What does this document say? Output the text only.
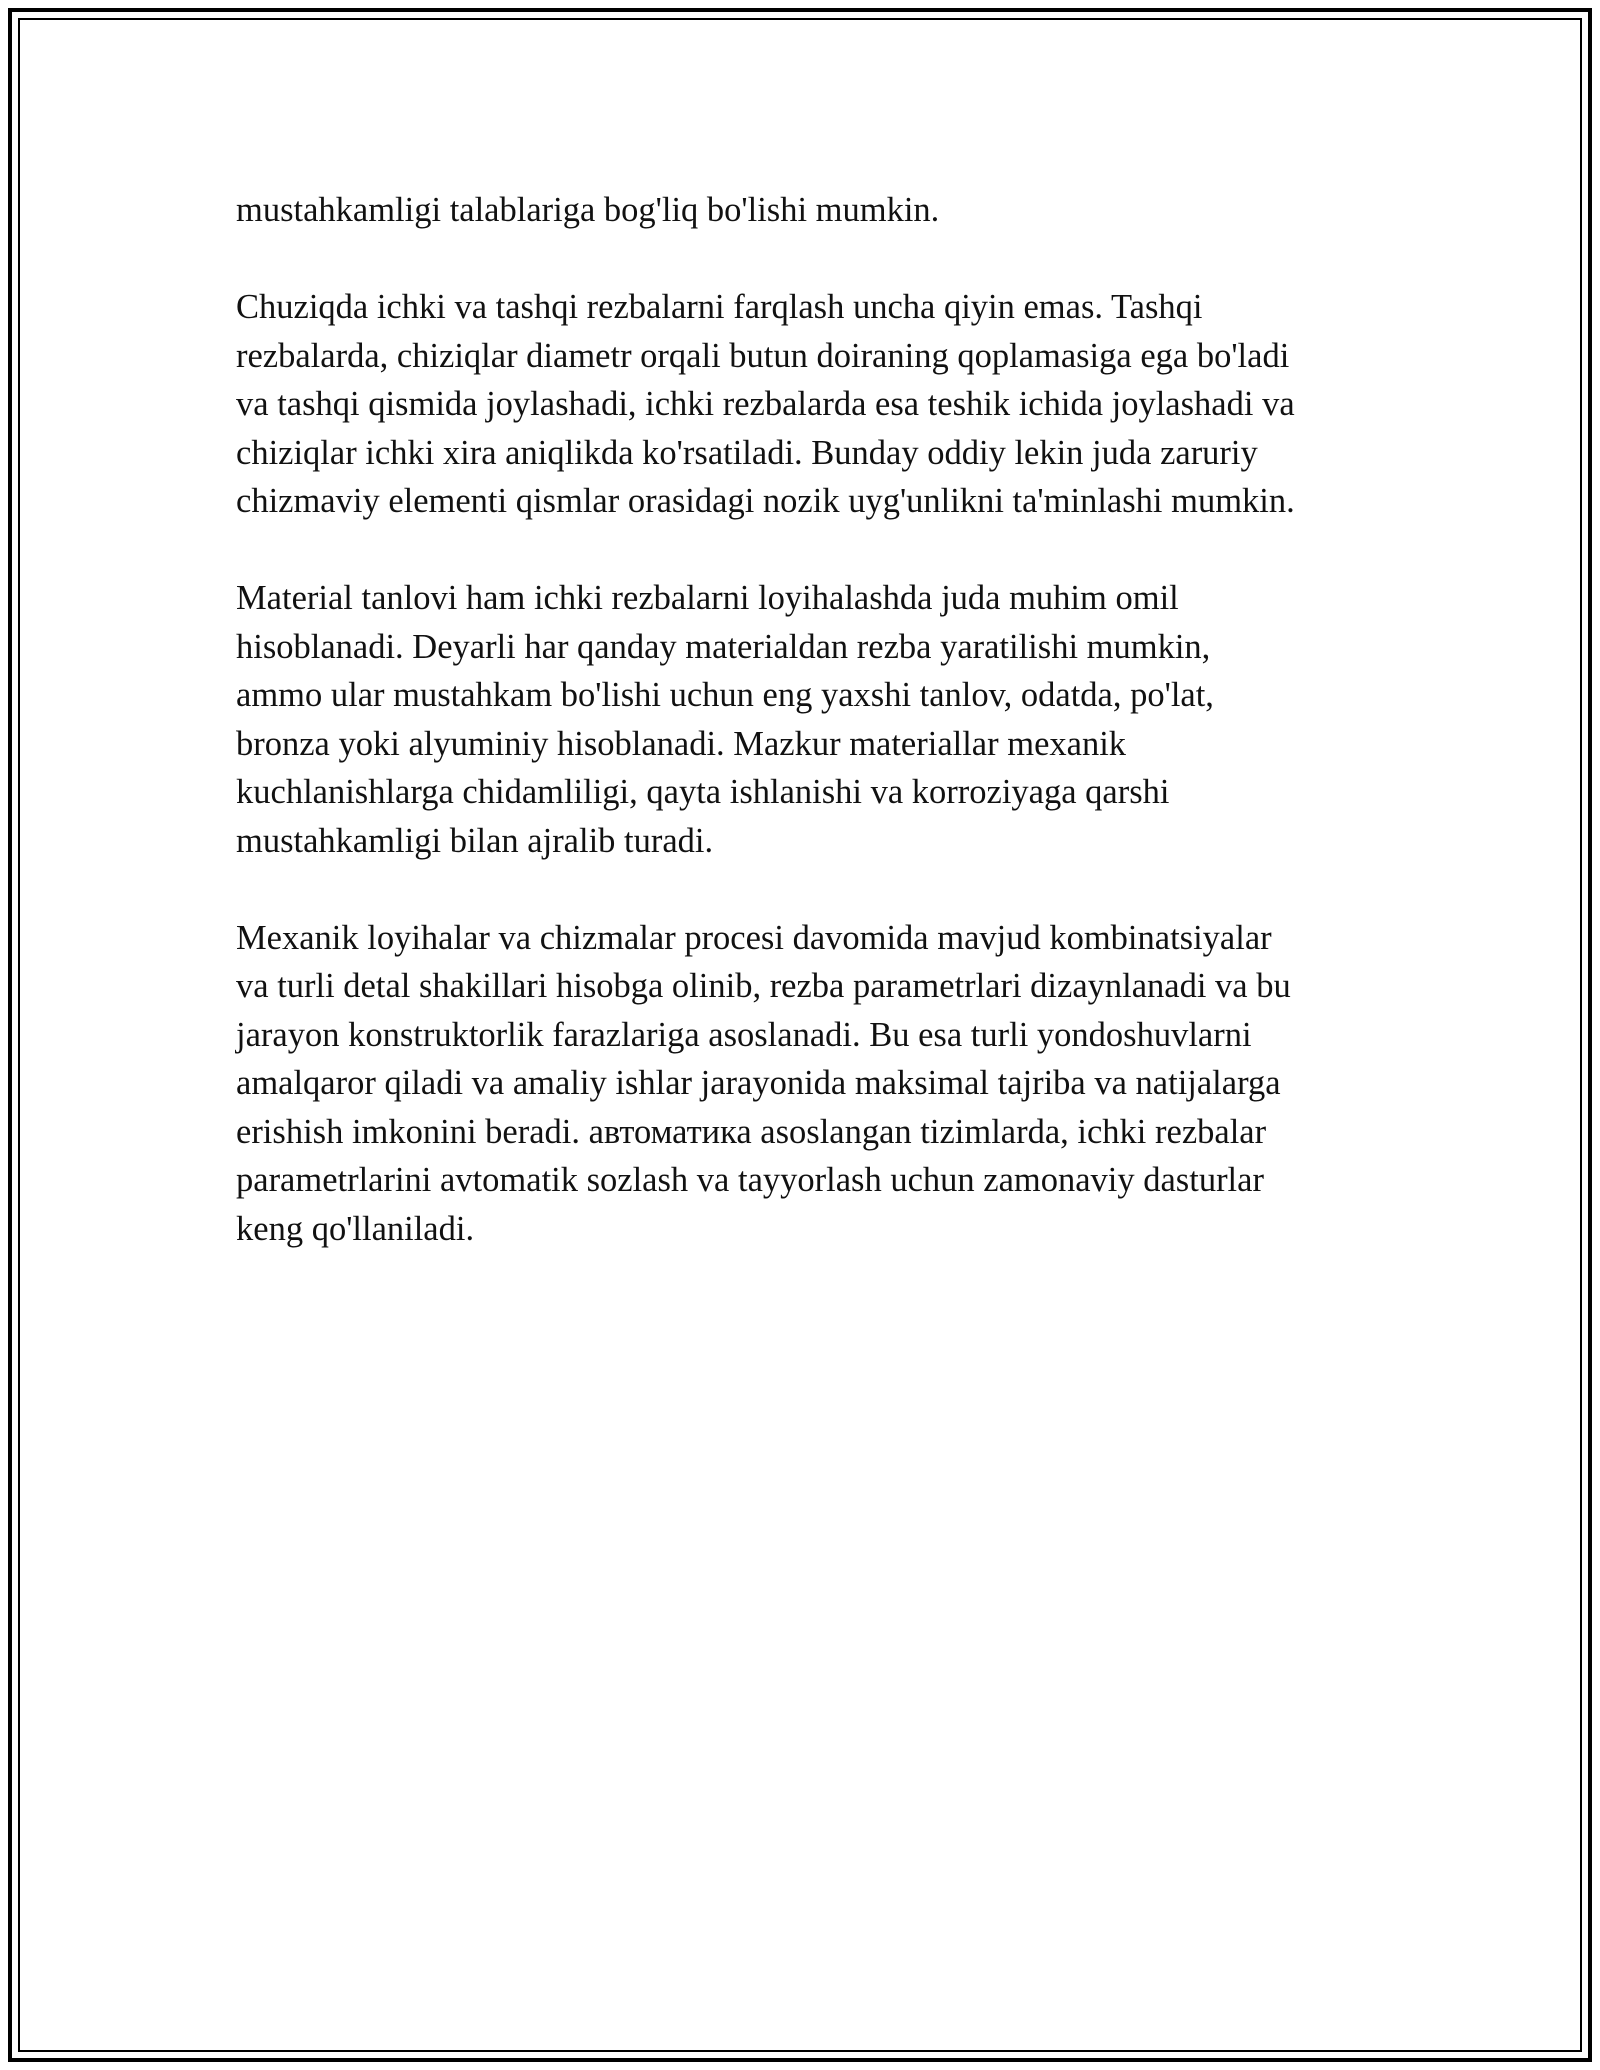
mustahkamligi talablariga bog'liq bo'lishi mumkin.

Chuziqda ichki va tashqi rezbalarni farqlash uncha qiyin emas. Tashqi
rezbalarda, chiziqlar diametr orqali butun doiraning qoplamasiga ega bo'ladi
va tashqi qismida joylashadi, ichki rezbalarda esa teshik ichida joylashadi va
chiziqlar ichki xira aniqlikda ko'rsatiladi. Bunday oddiy lekin juda zaruriy
chizmaviy elementi qismlar orasidagi nozik uyg'unlikni ta'minlashi mumkin.

Material tanlovi ham ichki rezbalarni loyihalashda juda muhim omil
hisoblanadi. Deyarli har qanday materialdan rezba yaratilishi mumkin,
ammo ular mustahkam bo'lishi uchun eng yaxshi tanlov, odatda, po'lat,
bronza yoki alyuminiy hisoblanadi. Mazkur materiallar mexanik
kuchlanishlarga chidamliligi, qayta ishlanishi va korroziyaga qarshi
mustahkamligi bilan ajralib turadi.

Mexanik loyihalar va chizmalar procesi davomida mavjud kombinatsiyalar
va turli detal shakillari hisobga olinib, rezba parametrlari dizaynlanadi va bu
jarayon konstruktorlik farazlariga asoslanadi. Bu esa turli yondoshuvlarni
amalqaror qiladi va amaliy ishlar jarayonida maksimal tajriba va natijalarga
erishish imkonini beradi. автоматика asoslangan tizimlarda, ichki rezbalar
parametrlarini avtomatik sozlash va tayyorlash uchun zamonaviy dasturlar
keng qo'llaniladi.
